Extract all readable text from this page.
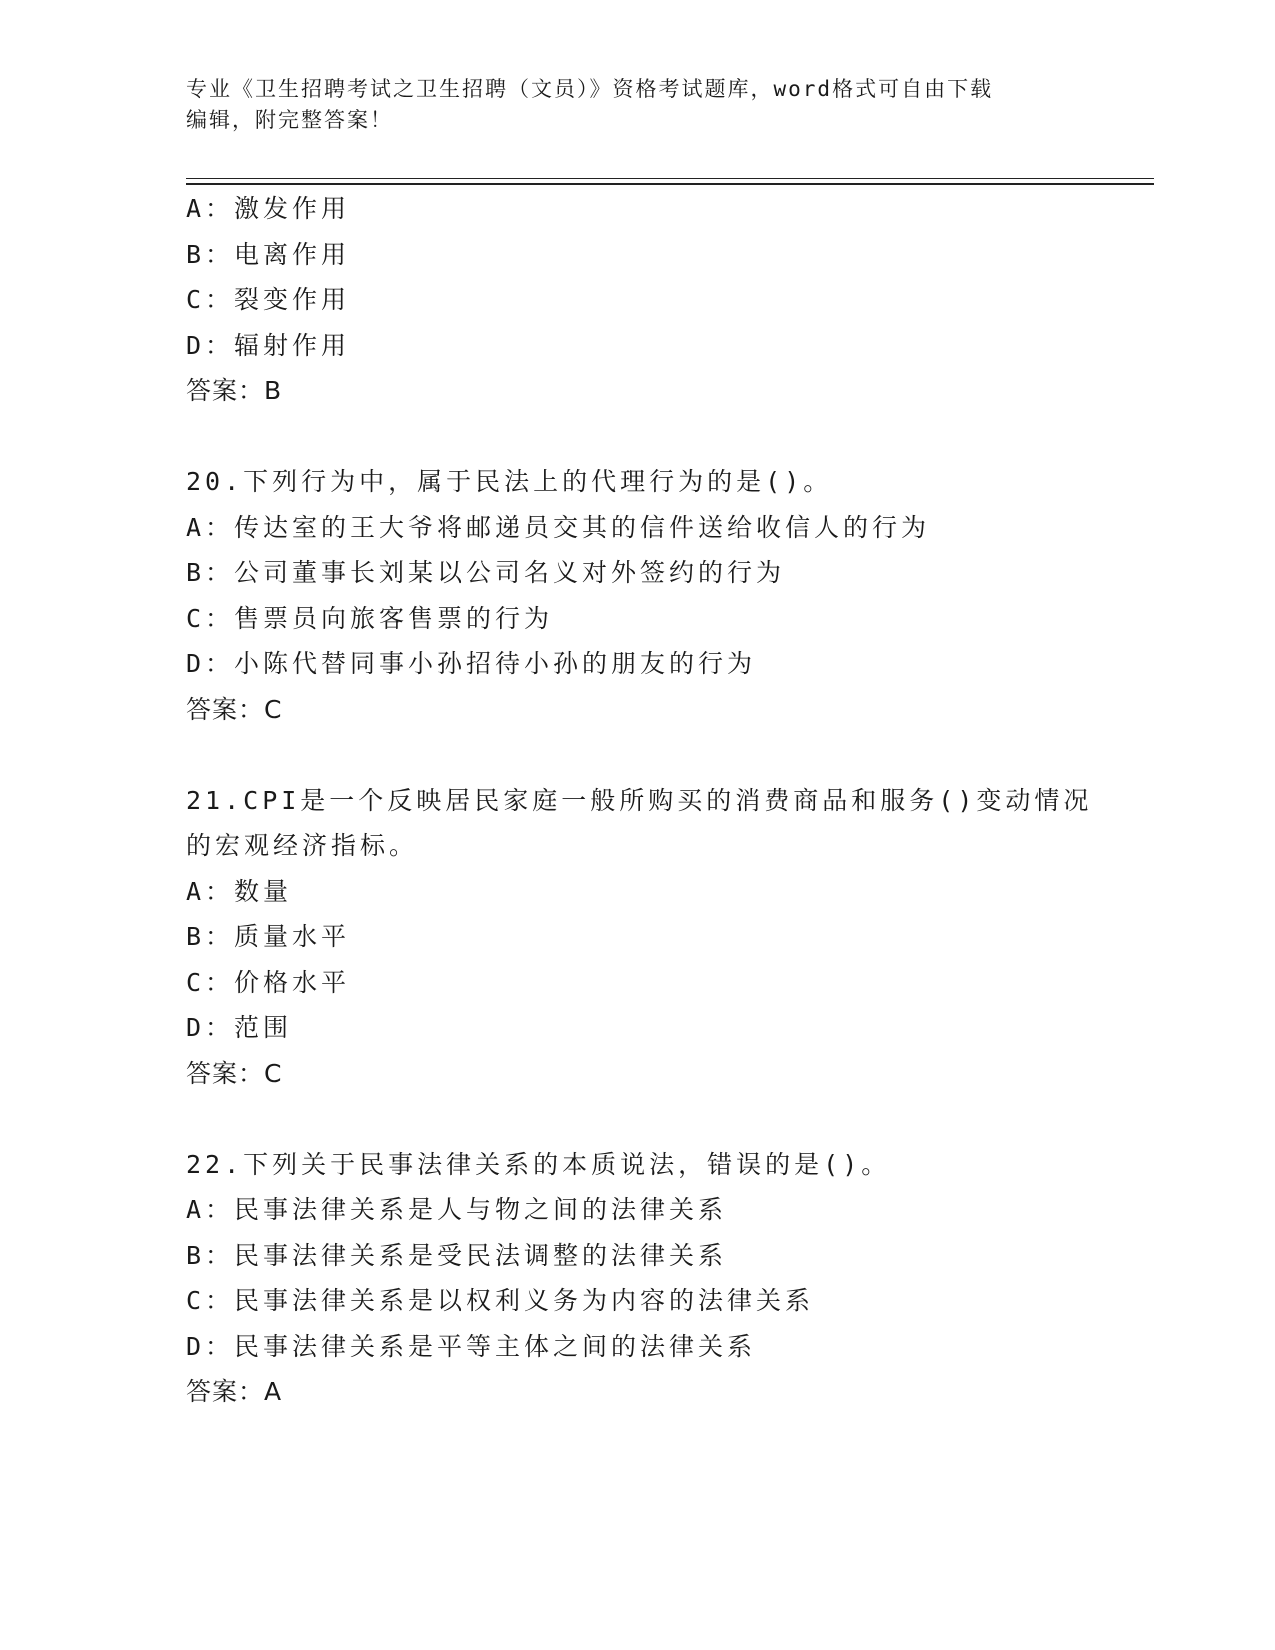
专业《卫生招聘考试之卫生招聘（文员）》资格考试题库，word格式可自由下载
编辑，附完整答案！
A：激发作用
B：电离作用
C：裂变作用
D：辐射作用
答案：B
20.下列行为中，属于民法上的代理行为的是()。
A：传达室的王大爷将邮递员交其的信件送给收信人的行为
B：公司董事长刘某以公司名义对外签约的行为
C：售票员向旅客售票的行为
D：小陈代替同事小孙招待小孙的朋友的行为
答案：C
21.CPI是一个反映居民家庭一般所购买的消费商品和服务()变动情况
的宏观经济指标。
A：数量
B：质量水平
C：价格水平
D：范围
答案：C
22.下列关于民事法律关系的本质说法，错误的是()。
A：民事法律关系是人与物之间的法律关系
B：民事法律关系是受民法调整的法律关系
C：民事法律关系是以权利义务为内容的法律关系
D：民事法律关系是平等主体之间的法律关系
答案：A
